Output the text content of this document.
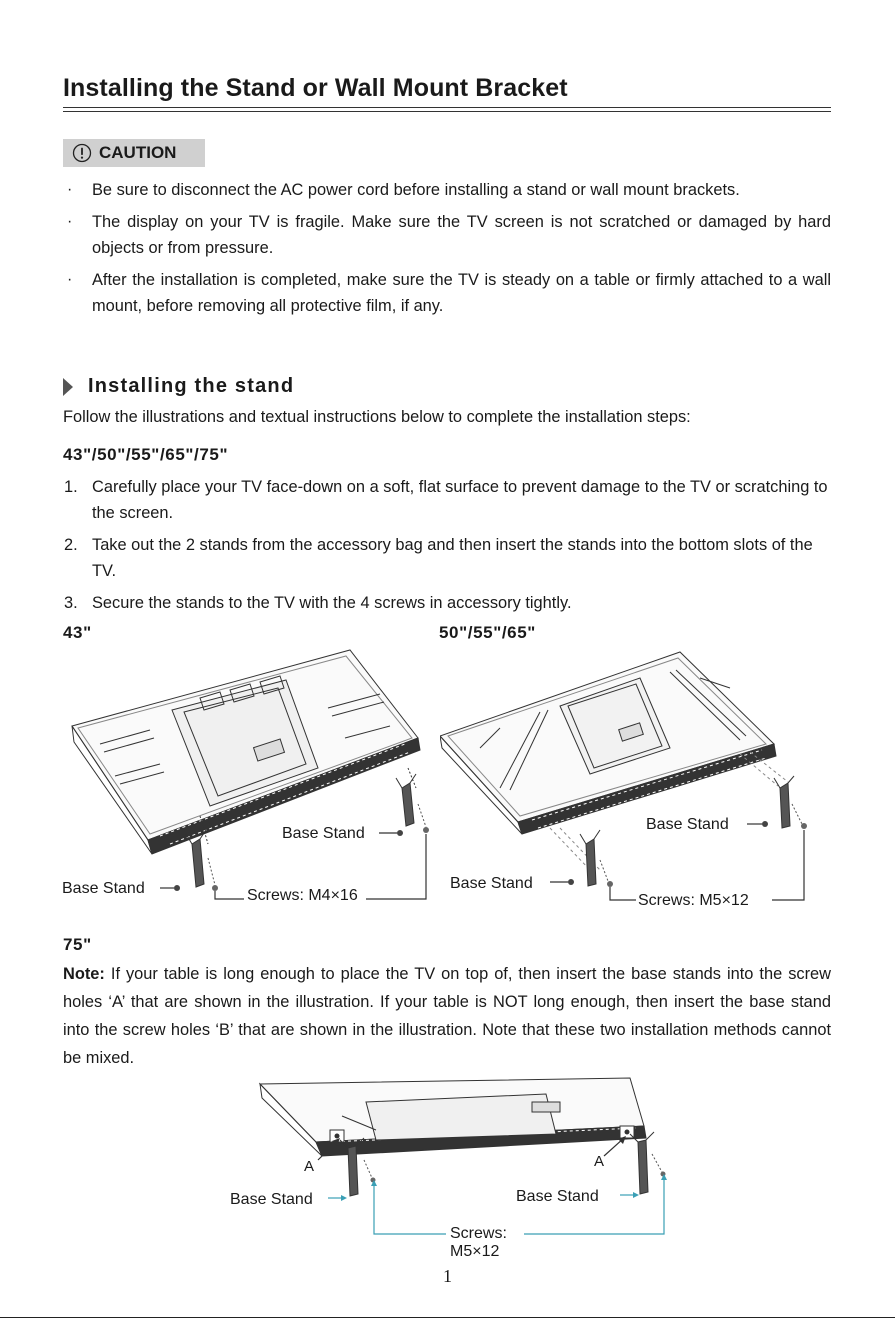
Installing the Stand or Wall Mount Bracket
CAUTION
· Be sure to disconnect the AC power cord before installing a stand or wall mount brackets.
· The display on your TV is fragile. Make sure the TV screen is not scratched or damaged by hard objects or from pressure.
· After the installation is completed, make sure the TV is steady on a table or firmly attached to a wall mount, before removing all protective film, if any.
Installing the stand
Follow the illustrations and textual instructions below to complete the installation steps:
43"/50"/55"/65"/75"
1. Carefully place your TV face-down on a soft, flat surface to prevent damage to the TV or scratching to the screen.
2. Take out the 2 stands from the accessory bag and then insert the stands into the bottom slots of the TV.
3. Secure the stands to the TV with the 4 screws in accessory tightly.
43"	50"/55"/65"
Base Stand
Base Stand	Screws: M4×16
Base Stand
Base Stand
Screws: M5×12
75"
Note: If your table is long enough to place the TV on top of, then insert the base stands into the screw holes ‘A’ that are shown in the illustration. If your table is NOT long enough, then insert the base stand into the screw holes ‘B’ that are shown in the illustration. Note that these two installation methods cannot be mixed.
A	A
Base Stand	Base Stand
Screws:
M5×12
1
